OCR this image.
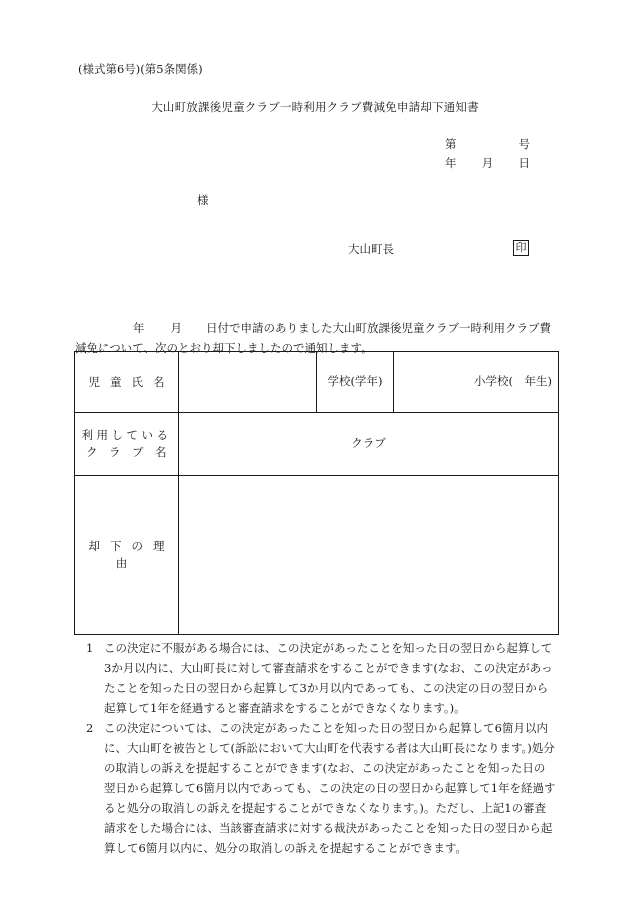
(様式第6号)(第5条関係)
大山町放課後児童クラブ一時利用クラブ費減免申請却下通知書
第	号
年 月 日
様
大山町長	印
年 月 日付で申請のありました大山町放課後児童クラブ一時利用クラブ費減免について、次のとおり却下しましたので通知します。
児童氏名		学校(学年)	小学校(　年生)

利用している
クラブ名	クラブ		
却下の理由			
1 この決定に不服がある場合には、この決定があったことを知った日の翌日から起算して3か月以内に、大山町長に対して審査請求をすることができます(なお、この決定があったことを知った日の翌日から起算して3か月以内であっても、この決定の日の翌日から起算して1年を経過すると審査請求をすることができなくなります。)。
2 この決定については、この決定があったことを知った日の翌日から起算して6箇月以内に、大山町を被告として(訴訟において大山町を代表する者は大山町長になります。)処分の取消しの訴えを提起することができます(なお、この決定があったことを知った日の翌日から起算して6箇月以内であっても、この決定の日の翌日から起算して1年を経過すると処分の取消しの訴えを提起することができなくなります。)。ただし、上記1の審査請求をした場合には、当該審査請求に対する裁決があったことを知った日の翌日から起算して6箇月以内に、処分の取消しの訴えを提起することができます。
